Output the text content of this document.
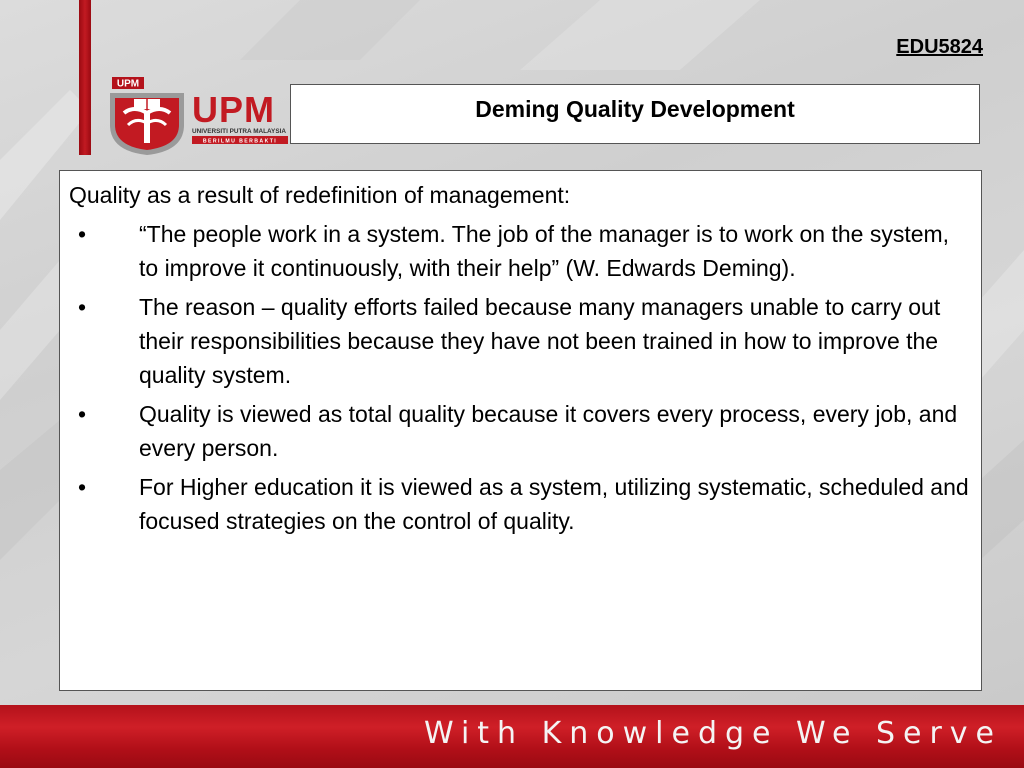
EDU5824
UPM
UPM
UNIVERSITI PUTRA MALAYSIA
BERILMU BERBAKTI
Deming Quality Development
Quality as a result of redefinition of management:
• “The people work in a system. The job of the manager is to work on the system, to improve it continuously, with their help” (W. Edwards Deming).
• The reason – quality efforts failed because many managers unable to carry out their responsibilities because they have not been trained in how to improve the quality system.
• Quality is viewed as total quality because it covers every process, every job, and every person.
• For Higher education it is viewed as a system, utilizing systematic, scheduled and focused strategies on the control of quality.
With Knowledge We Serve
